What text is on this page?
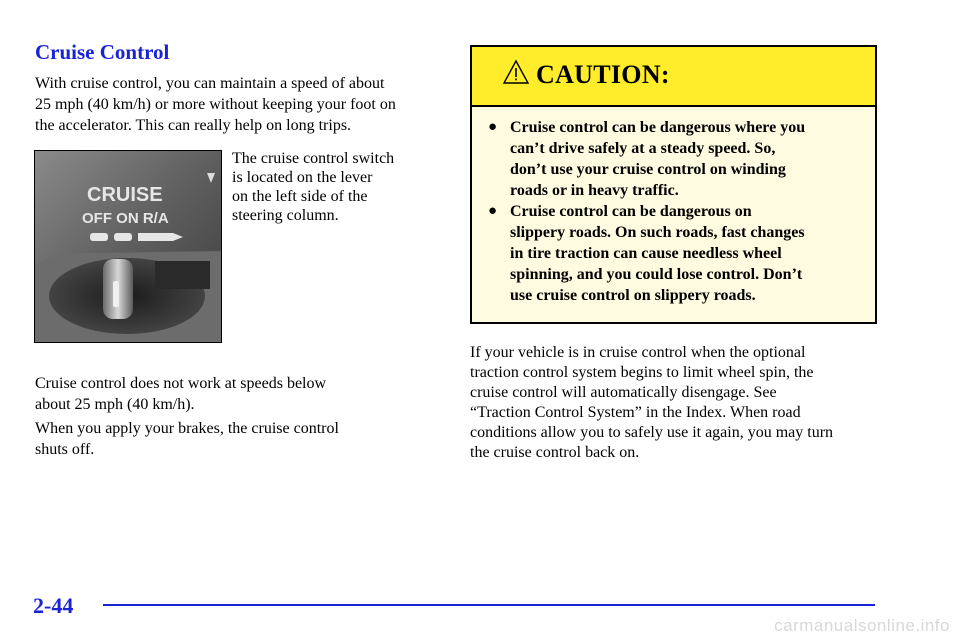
Cruise Control

With cruise control, you can maintain a speed of about
25 mph (40 km/h) or more without keeping your foot on
the accelerator. This can really help on long trips.

CRUISE
OFF ON R/A

The cruise control switch
is located on the lever
on the left side of the
steering column.

Cruise control does not work at speeds below
about 25 mph (40 km/h).

When you apply your brakes, the cruise control
shuts off.

CAUTION:
● Cruise control can be dangerous where you
can’t drive safely at a steady speed. So,
don’t use your cruise control on winding
roads or in heavy traffic.
● Cruise control can be dangerous on
slippery roads. On such roads, fast changes
in tire traction can cause needless wheel
spinning, and you could lose control. Don’t
use cruise control on slippery roads.

If your vehicle is in cruise control when the optional
traction control system begins to limit wheel spin, the
cruise control will automatically disengage. See
“Traction Control System” in the Index. When road
conditions allow you to safely use it again, you may turn
the cruise control back on.

2-44
carmanualsonline.info
